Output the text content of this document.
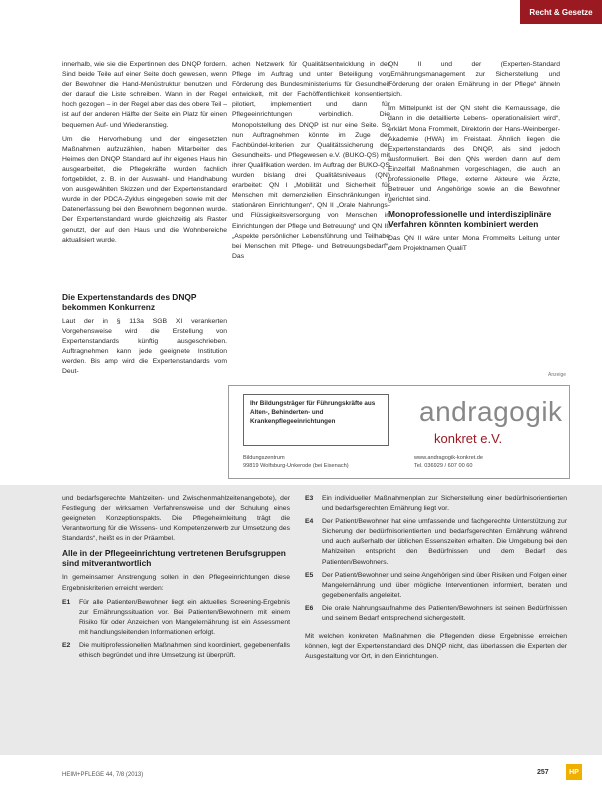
Recht & Gesetze

innerhalb, wie sie die Expertinnen des DNQP fordern. Sind beide Teile auf einer Seite doch gewesen, wenn der Bewohner die Hand-Menüstruktur benutzen und der darauf die Liste schreiben. Wann in der Regel hoch gezogen – in der Regel aber das des obere Teil – ist auf der anderen Hälfte der Seite ein Platz für einen bequemen Auf- und Wiederanstieg.

Um die Hervorhebung und der eingesetzten Maßnahmen aufzuzählen, haben Mitarbeiter des Heimes den DNQP Standard auf ihr eigenes Haus hin ausgearbeitet, die Pflegekräfte wurden fachlich fortgebildet, z. B. in der Auswahl- und Handhabung von ausgewählten Skizzen und der Expertenstandard wurde in der PDCA-Zyklus eingegeben sowie mit der Datenerfassung bei den Bewohnern begonnen wurde. Der Expertenstandard wurde gleichzeitig als Raster genutzt, der auf den Haus und die Wohnbereiche aktualisiert wurde.

Die Expertenstandards des DNQP bekommen Konkurrenz

Laut der in § 113a SGB XI verankerten Vorgehensweise wird die Erstellung von Expertenstandards künftig ausgeschrieben. Auftragnehmen kann jede geeignete Institution werden. Bis amp wird die Expertenstandards vom Deut-

achen Netzwerk für Qualitätsentwicklung in der Pflege im Auftrag und unter Beteiligung von Förderung des Bundesministeriums für Gesundheit entwickelt, mit der Fachöffentlichkeit konsentiert, pilotiert, implementiert und dann für Pflegeeinrichtungen verbindlich. Die Monopolstellung des DNQP ist nur eine Seite. So nun Auftragnehmen könnte im Zuge der Fachbündel-kriterien zur Qualitätssicherung der Gesundheits- und Pflegewesen e.V. (BUKO-QS) mit ihrer Qualifikation werden. Im Auftrag der BUKO-QS wurden bislang drei Qualitätsniveaus (QN) erarbeitet: QN I „Mobilität und Sicherheit für Menschen mit demenziellen Einschränkungen in stationären Einrichtungen“, QN II „Orale Nahrungs- und Flüssigkeitsversorgung von Menschen in Einrichtungen der Pflege und Betreuung“ und QN III „Aspekte persönlicher Lebensführung und Teilhabe bei Menschen mit Pflege- und Betreuungsbedarf“. Das

QN II und der (Experten-Standard „Ernährungsmanagement zur Sicherstellung und Förderung der oralen Ernährung in der Pflege“ ähneln sich.

Im Mittelpunkt ist der QN steht die Kernaussage, die dann in die detaillierte Lebens- operationalisiert wird“, erklärt Mona Frommelt, Direktorin der Hans-Weinberger-Akademie (HWA) im Freistaat. Ähnlich liegen die Expertenstandards des DNQP, als sind jedoch ausformuliert. Bei den QNs werden dann auf dem Einzelfall Maßnahmen vorgeschlagen, die auch an professionelle Pflege, externe Akteure wie Ärzte, Betreuer und Angehörige sowie an die Bewohner gerichtet sind.

Monoprofessionelle und interdisziplinäre Verfahren könnten kombiniert werden

Das QN II wäre unter Mona Frommelts Leitung unter dem Projektnamen QualiT

Anzeige
Ihr Bildungsträger für Führungskräfte aus Alten-, Behinderten- und Krankenpflegeeinrichtungen	andragogik
konkret e.V.
Bildungszentrum
99819 Wolfsburg-Unkerode (bei Eisenach)
www.andragogik-konkret.de
Tel. 036929 / 607 00 60

und bedarfsgerechte Mahlzeiten- und Zwischenmahlzeitenangebote), der Festlegung der wirksamen Verfahrensweise und der Schulung eines geeigneten Konzeptionspakts. Die Pflegeheimleitung trägt die Verantwortung für die Wissens- und Kompetenzerwerb zur Umsetzung des Standards“, heißt es in der Präambel.

Alle in der Pflegeeinrichtung vertretenen Berufsgruppen sind mitverantwortlich

In gemeinsamer Anstrengung sollen in den Pflegeeinrichtungen diese Ergebniskriterien erreicht werden:

E1	Für alle Patienten/Bewohner liegt ein aktuelles Screening-Ergebnis zur Ernährungssituation vor. Bei Patienten/Bewohnern mit einem Risiko für oder Anzeichen von Mangelernährung ist ein Assessment mit handlungsleitenden Informationen erfolgt.
E2	Die multiprofessionellen Maßnahmen sind koordiniert, gegebenenfalls ethisch begründet und ihre Umsetzung ist überprüft.
E3	Ein individueller Maßnahmenplan zur Sicherstellung einer bedürfnisorientierten und bedarfsgerechten Ernährung liegt vor.
E4	Der Patient/Bewohner hat eine umfassende und fachgerechte Unterstützung zur Sicherung der bedürfnisorientierten und bedarfsgerechten Ernährung während und auch außerhalb der üblichen Essenszeiten erhalten. Die Umgebung bei den Mahlzeiten entspricht den Bedürfnissen und dem Bedarf des Patienten/Bewohners.
E5	Der Patient/Bewohner und seine Angehörigen sind über Risiken und Folgen einer Mangelernährung und über mögliche Interventionen informiert, beraten und gegebenenfalls angeleitet.
E6	Die orale Nahrungsaufnahme des Patienten/Bewohners ist seinen Bedürfnissen und seinem Bedarf entsprechend sichergestellt.

Mit welchen konkreten Maßnahmen die Pflegenden diese Ergebnisse erreichen können, legt der Expertenstandard des DNQP nicht, das überlassen die Experten der Ausgestaltung vor Ort, in den Einrichtungen.

HEIM+PFLEGE 44, 7/8 (2013)	257	HP
